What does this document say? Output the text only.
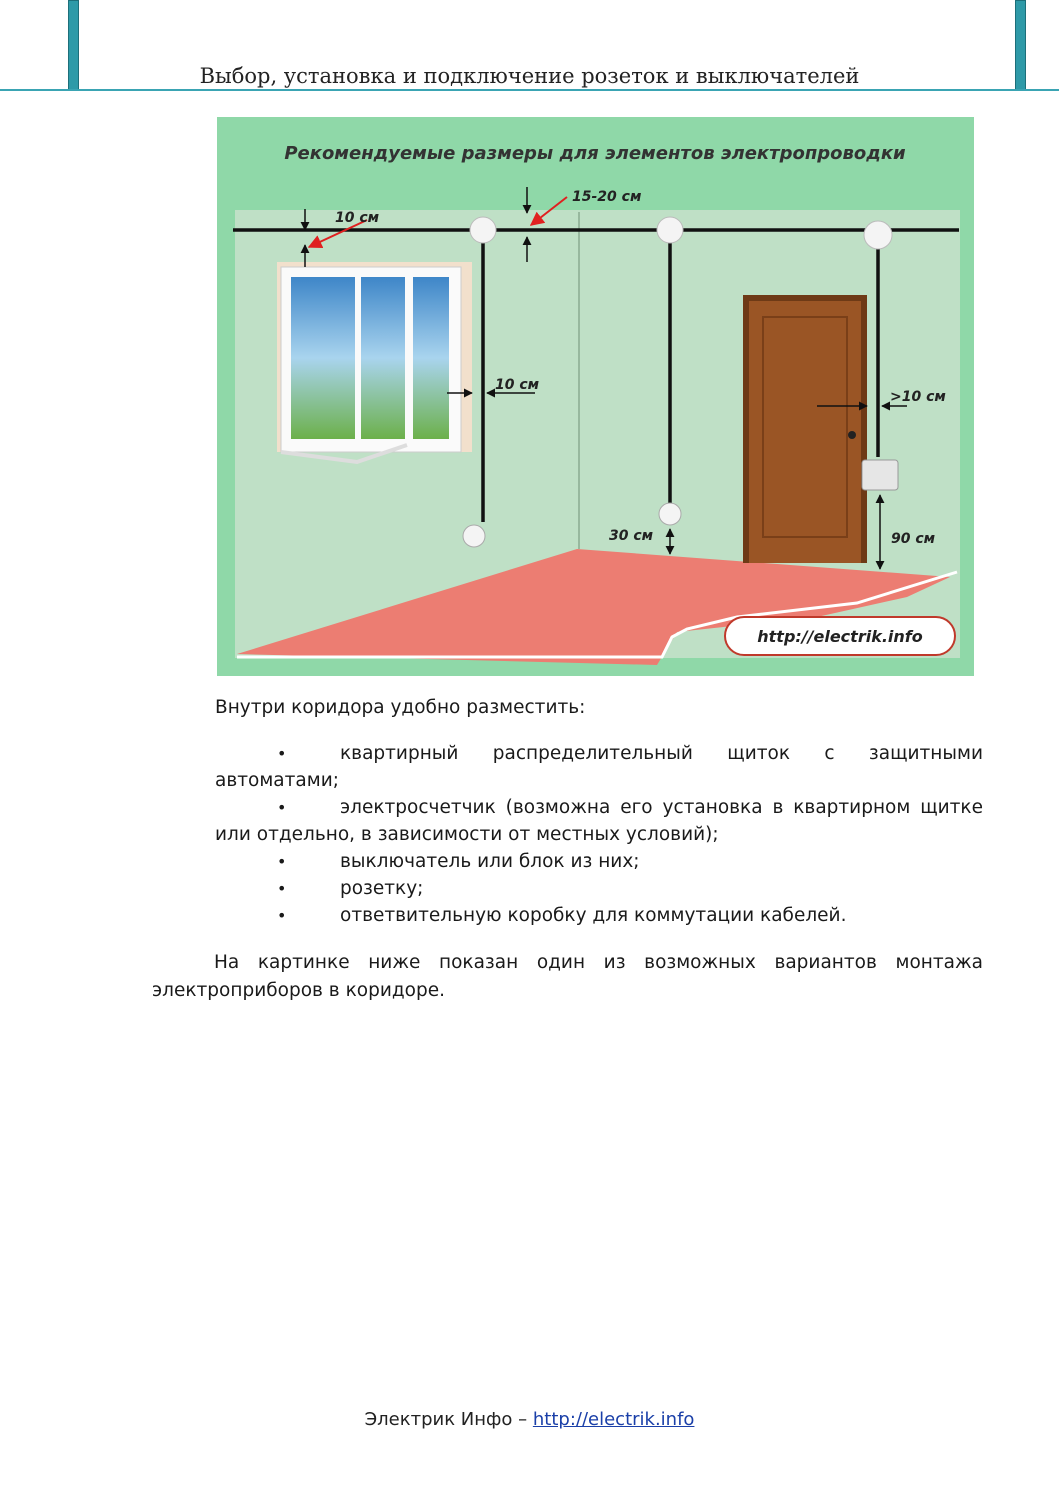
Выбор, установка и подключение розеток и выключателей
Рекомендуемые размеры для элементов электропроводки
10 см
15-20 см
10 см
>10 см
30 см	90 см
http://electrik.info
Внутри коридора удобно разместить:
•	квартирный распределительный щиток с защитными автоматами;
•	электросчетчик (возможна его установка в квартирном щитке или отдельно, в зависимости от местных условий);
•	выключатель или блок из них;
•	розетку;
•	ответвительную коробку для коммутации кабелей.
На картинке ниже показан один из возможных вариантов монтажа электроприборов в коридоре.
Электрик Инфо – http://electrik.info
